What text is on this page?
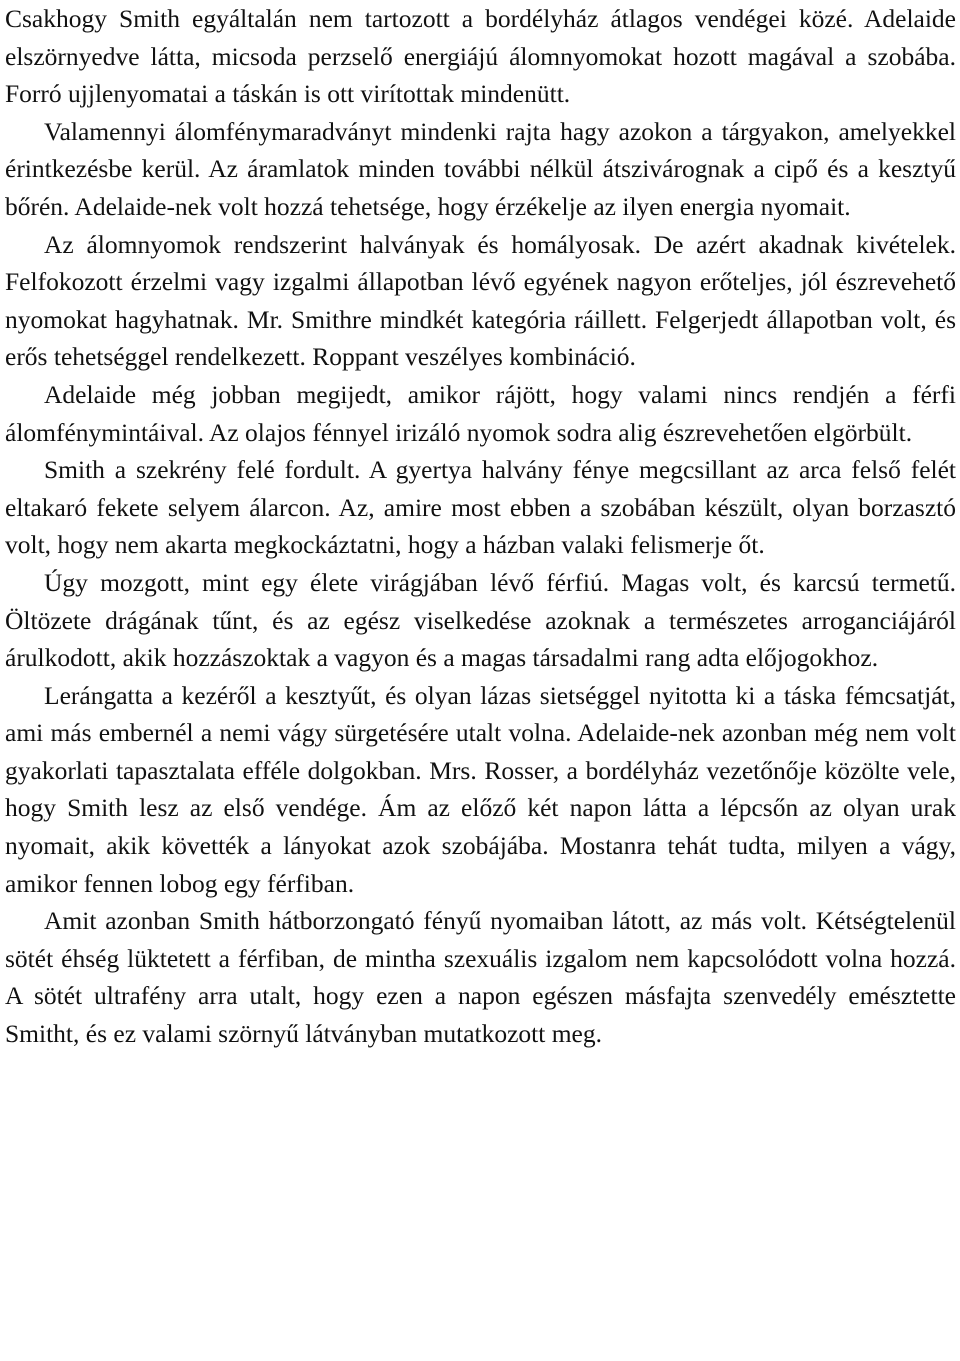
Csakhogy Smith egyáltalán nem tartozott a bordélyház átlagos vendégei közé. Adelaide elszörnyedve látta, micsoda perzselő energiájú álomnyomokat hozott magával a szobába. Forró ujjlenyomatai a táskán is ott virítottak mindenütt.

Valamennyi álomfénymaradványt mindenki rajta hagy azokon a tárgyakon, amelyekkel érintkezésbe kerül. Az áramlatok minden további nélkül átszivárognak a cipő és a kesztyű bőrén. Adelaide-nek volt hozzá tehetsége, hogy érzékelje az ilyen energia nyomait.

Az álomnyomok rendszerint halványak és homályosak. De azért akadnak kivételek. Felfokozott érzelmi vagy izgalmi állapotban lévő egyének nagyon erőteljes, jól észrevehető nyomokat hagyhatnak. Mr. Smithre mindkét kategória ráillett. Felgerjedt állapotban volt, és erős tehetséggel rendelkezett. Roppant veszélyes kombináció.

Adelaide még jobban megijedt, amikor rájött, hogy valami nincs rendjén a férfi álomfénymintáival. Az olajos fénnyel irizáló nyomok sodra alig észrevehetően elgörbült.

Smith a szekrény felé fordult. A gyertya halvány fénye megcsillant az arca felső felét eltakaró fekete selyem álarcon. Az, amire most ebben a szobában készült, olyan borzasztó volt, hogy nem akarta megkockáztatni, hogy a házban valaki felismerje őt.

Úgy mozgott, mint egy élete virágjában lévő férfiú. Magas volt, és karcsú termetű. Öltözete drágának tűnt, és az egész viselkedése azoknak a természetes arroganciájáról árulkodott, akik hozzászoktak a vagyon és a magas társadalmi rang adta előjogokhoz.

Lerángatta a kezéről a kesztyűt, és olyan lázas sietséggel nyitotta ki a táska fémcsatját, ami más embernél a nemi vágy sürgetésére utalt volna. Adelaide-nek azonban még nem volt gyakorlati tapasztalata efféle dolgokban. Mrs. Rosser, a bordélyház vezetőnője közölte vele, hogy Smith lesz az első vendége. Ám az előző két napon látta a lépcsőn az olyan urak nyomait, akik követték a lányokat azok szobájába. Mostanra tehát tudta, milyen a vágy, amikor fennen lobog egy férfiban.

Amit azonban Smith hátborzongató fényű nyomaiban látott, az más volt. Kétségtelenül sötét éhség lüktetett a férfiban, de mintha szexuális izgalom nem kapcsolódott volna hozzá. A sötét ultrafény arra utalt, hogy ezen a napon egészen másfajta szenvedély emésztette Smitht, és ez valami szörnyű látványban mutatkozott meg.
